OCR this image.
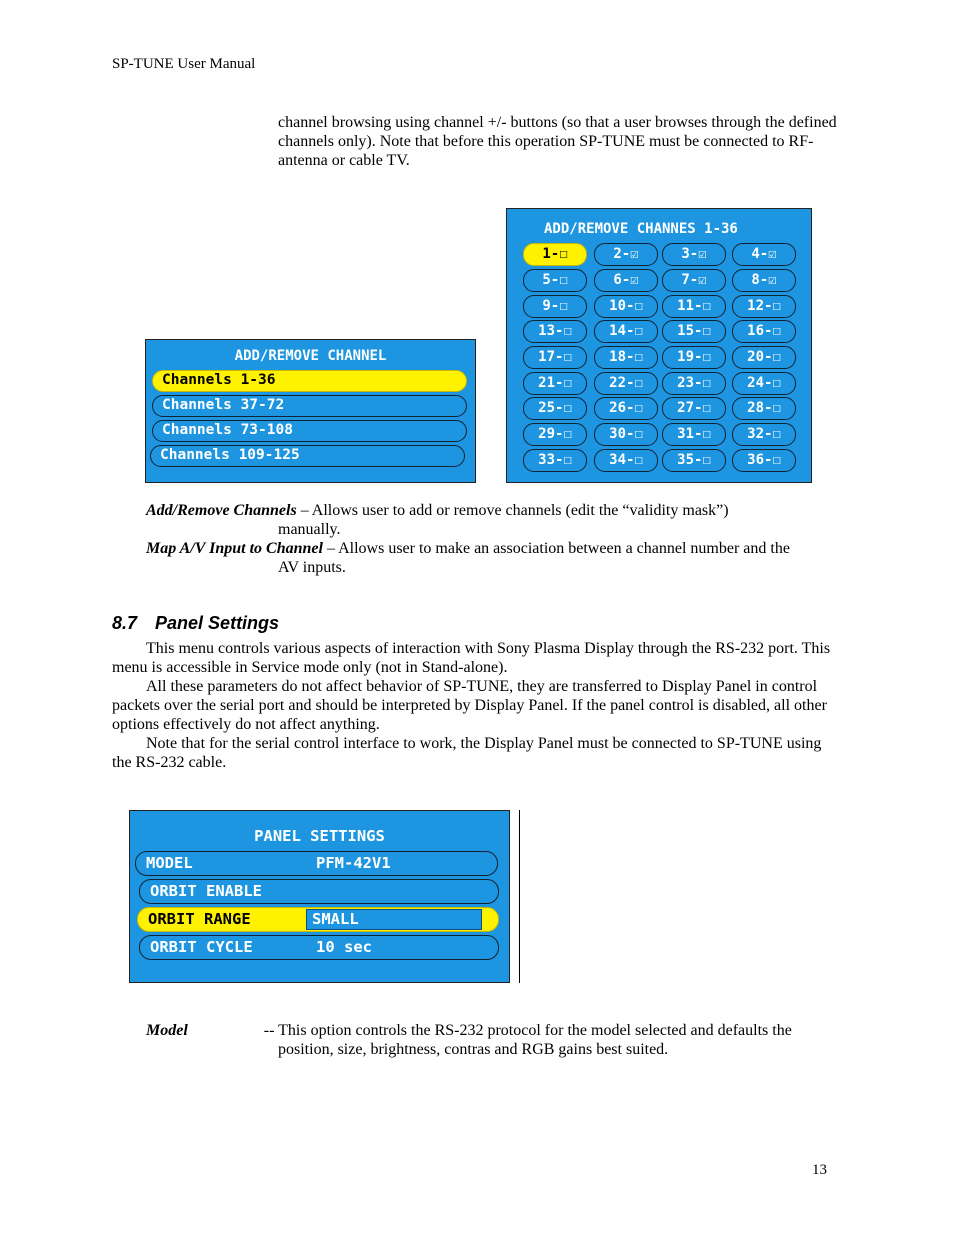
SP-TUNE User Manual
channel browsing using channel +/- buttons (so that a user browses through the defined channels only). Note that before this operation SP-TUNE must be connected to RF-antenna or cable TV.
ADD/REMOVE CHANNEL
Channels 1-36
Channels 37-72
Channels 73-108
Channels 109-125
ADD/REMOVE CHANNES 1-36
1-☐	2-☑	3-☑	4-☑
5-☐	6-☑	7-☑	8-☑
9-☐	10-☐	11-☐	12-☐
13-☐	14-☐	15-☐	16-☐
17-☐	18-☐	19-☐	20-☐
21-☐	22-☐	23-☐	24-☐
25-☐	26-☐	27-☐	28-☐
29-☐	30-☐	31-☐	32-☐
33-☐	34-☐	35-☐	36-☐
Add/Remove Channels – Allows user to add or remove channels (edit the “validity mask”)
manually.
Map A/V Input to Channel – Allows user to make an association between a channel number and the
AV inputs.
8.7 Panel Settings
This menu controls various aspects of interaction with Sony Plasma Display through the RS-232 port. This menu is accessible in Service mode only (not in Stand-alone).
All these parameters do not affect behavior of SP-TUNE, they are transferred to Display Panel in control packets over the serial port and should be interpreted by Display Panel. If the panel control is disabled, all other options effectively do not affect anything.
Note that for the serial control interface to work, the Display Panel must be connected to SP-TUNE using the RS-232 cable.
PANEL SETTINGS
MODEL	PFM-42V1
ORBIT ENABLE
ORBIT RANGE	SMALL
ORBIT CYCLE	10 sec
Model	-- This option controls the RS-232 protocol for the model selected and defaults the
position, size, brightness, contras and RGB gains best suited.
13
